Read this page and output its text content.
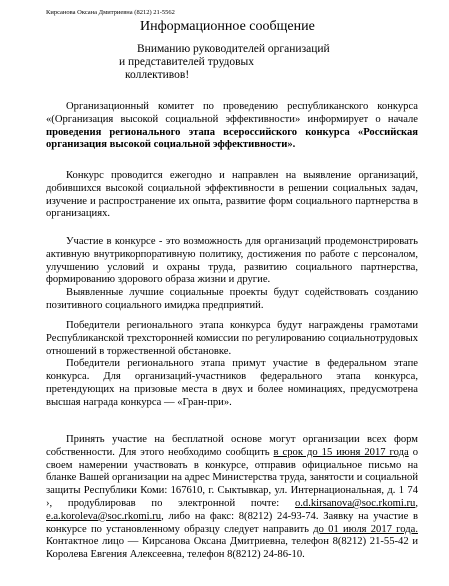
Кирсанова Оксана Дмитриевна (8212) 21-5562
Информационное сообщение
Вниманию руководителей организаций
и представителей трудовых
коллективов!
Организационный комитет по проведению республиканского конкурса «(Организация высокой социальной эффективности» информирует о начале проведения регионального этапа всероссийского конкурса «Российская организация высокой социальной эффективности».
Конкурс проводится ежегодно и направлен на выявление организаций, добившихся высокой социальной эффективности в решении социальных задач, изучение и распространение их опыта, развитие форм социального партнерства в организациях.

Участие в конкурсе - это возможность для организаций продемонстрировать активную внутрикорпоративную политику, достижения по работе с персоналом, улучшению условий и охраны труда, развитию социального партнерства, формированию здорового образа жизни и другие.

Выявленные лучшие социальные проекты будут содействовать созданию позитивного социального имиджа предприятий.

Победители регионального этапа конкурса будут награждены грамотами Республиканской трехсторонней комиссии по регулированию социальнотрудовых отношений в торжественной обстановке.

Победители регионального этапа примут участие в федеральном этапе конкурса. Для организаций-участников федерального этапа конкурса, претендующих на призовые места в двух и более номинациях, предусмотрена высшая награда конкурса — «Гран-при».

Принять участие на бесплатной основе могут организации всех форм собственности. Для этого необходимо сообщить в срок до 15 июня 2017 года о своем намерении участвовать в конкурсе, отправив официальное письмо на бланке Вашей организации на адрес Министерства труда, занятости и социальной защиты Республики Коми: 167610, г. Сыктывкар, ул. Интернациональная, д. 1 74 ›, продублировав по электронной почте: o.d.kirsanova@soc.rkomi.ru, e.a.koroleva@soc.rkomi.ru, либо на факс: 8(8212) 24-93-74. Заявку на участие в конкурсе по установленному образцу следует направить до 01 июля 2017 года. Контактное лицо — Кирсанова Оксана Дмитриевна, телефон 8(8212) 21-55-42 и Королева Евгения Алексеевна, телефон 8(8212) 24-86-10.
